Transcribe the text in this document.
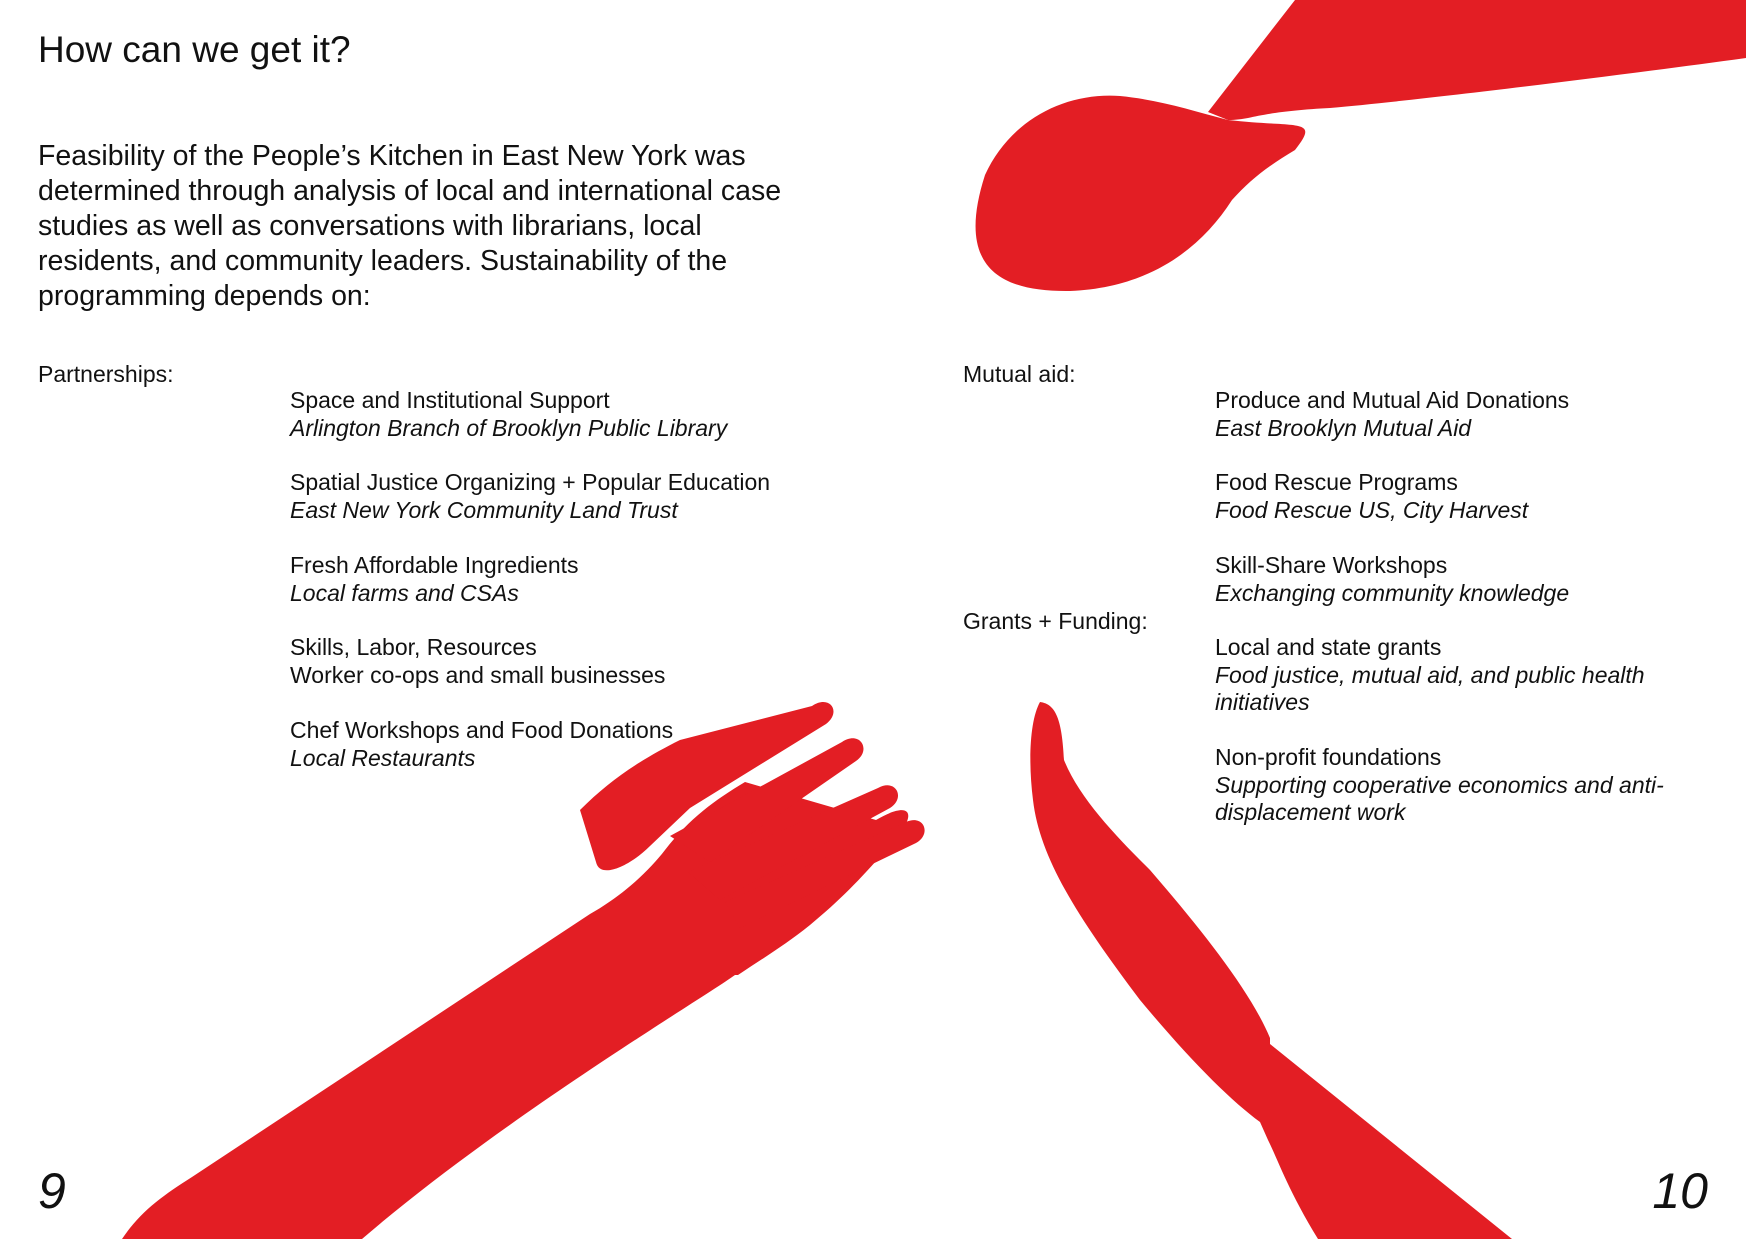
How can we get it?

Feasibility of the People’s Kitchen in East New York was determined through analysis of local and international case studies as well as conversations with librarians, local residents, and community leaders. Sustainability of the programming depends on:

Partnerships:
Space and Institutional Support
Arlington Branch of Brooklyn Public Library
Spatial Justice Organizing + Popular Education
East New York Community Land Trust
Fresh Affordable Ingredients
Local farms and CSAs
Skills, Labor, Resources
Worker co-ops and small businesses
Chef Workshops and Food Donations
Local Restaurants
Mutual aid:
Produce and Mutual Aid Donations
East Brooklyn Mutual Aid
Food Rescue Programs
Food Rescue US, City Harvest
Skill-Share Workshops
Exchanging community knowledge
Grants + Funding:
Local and state grants
Food justice, mutual aid, and public health initiatives
Non-profit foundations
Supporting cooperative economics and anti-displacement work
9	10
